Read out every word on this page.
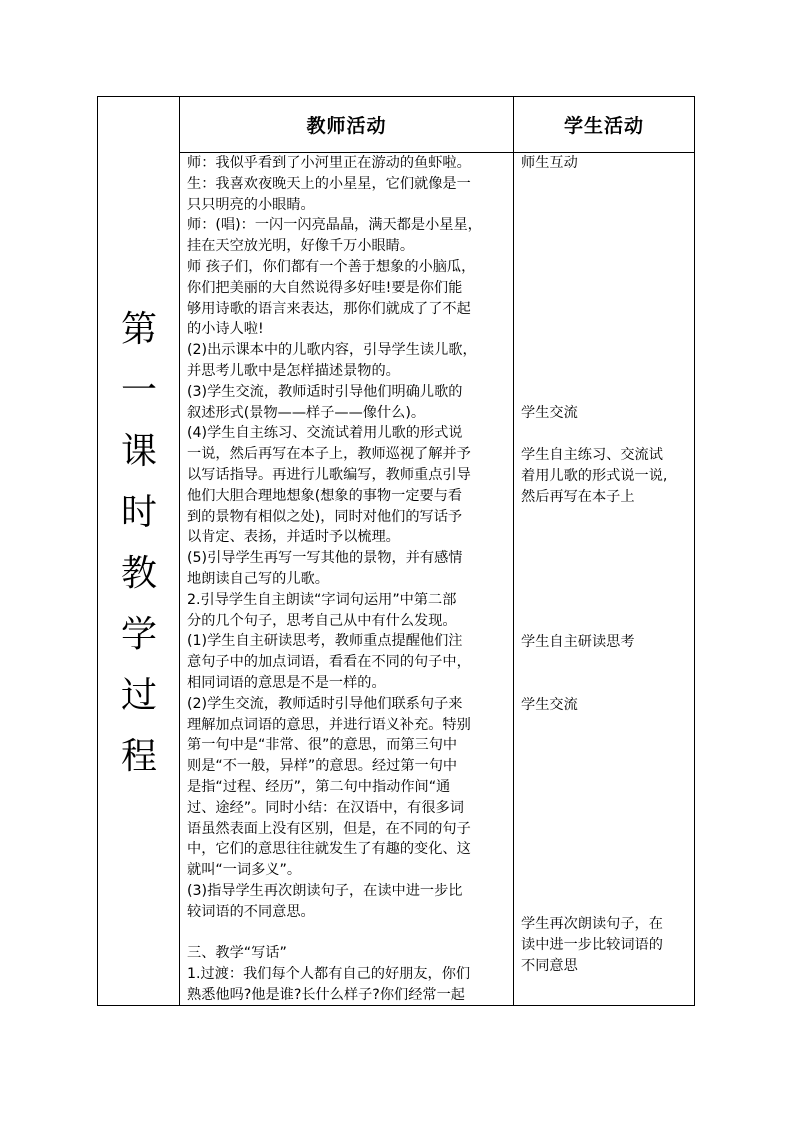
第
一
课
时
教
学
过
程
教师活动	学生活动
师：我似乎看到了小河里正在游动的鱼虾啦。
生：我喜欢夜晚天上的小星星，它们就像是一
只只明亮的小眼睛。
师：(唱)：一闪一闪亮晶晶，满天都是小星星，
挂在天空放光明，好像千万小眼睛。
师 孩子们，你们都有一个善于想象的小脑瓜，
你们把美丽的大自然说得多好哇!要是你们能
够用诗歌的语言来表达，那你们就成了了不起
的小诗人啦!
(2)出示课本中的儿歌内容，引导学生读儿歌，
并思考儿歌中是怎样描述景物的。
(3)学生交流，教师适时引导他们明确儿歌的
叙述形式(景物——样子——像什么)。
(4)学生自主练习、交流试着用儿歌的形式说
一说，然后再写在本子上，教师巡视了解并予
以写话指导。再进行儿歌编写，教师重点引导
他们大胆合理地想象(想象的事物一定要与看
到的景物有相似之处)，同时对他们的写话予
以肯定、表扬，并适时予以梳理。
(5)引导学生再写一写其他的景物，并有感情
地朗读自己写的儿歌。
2.引导学生自主朗读“字词句运用”中第二部
分的几个句子，思考自己从中有什么发现。
(1)学生自主研读思考，教师重点提醒他们注
意句子中的加点词语，看看在不同的句子中，
相同词语的意思是不是一样的。
(2)学生交流，教师适时引导他们联系句子来
理解加点词语的意思，并进行语义补充。特别
第一句中是“非常、很”的意思，而第三句中
则是“不一般，异样”的意思。经过第一句中
是指“过程、经历”，第二句中指动作间“通
过、途经”。同时小结：在汉语中，有很多词
语虽然表面上没有区别，但是，在不同的句子
中，它们的意思往往就发生了有趣的变化、这
就叫“一词多义”。
(3)指导学生再次朗读句子，在读中进一步比
较词语的不同意思。
三、教学“写话”
1.过渡：我们每个人都有自己的好朋友，你们
熟悉他吗?他是谁?长什么样子?你们经常一起
师生互动
学生交流
学生自主练习、交流试
着用儿歌的形式说一说,
然后再写在本子上
学生自主研读思考
学生交流
学生再次朗读句子，在
读中进一步比较词语的
不同意思
